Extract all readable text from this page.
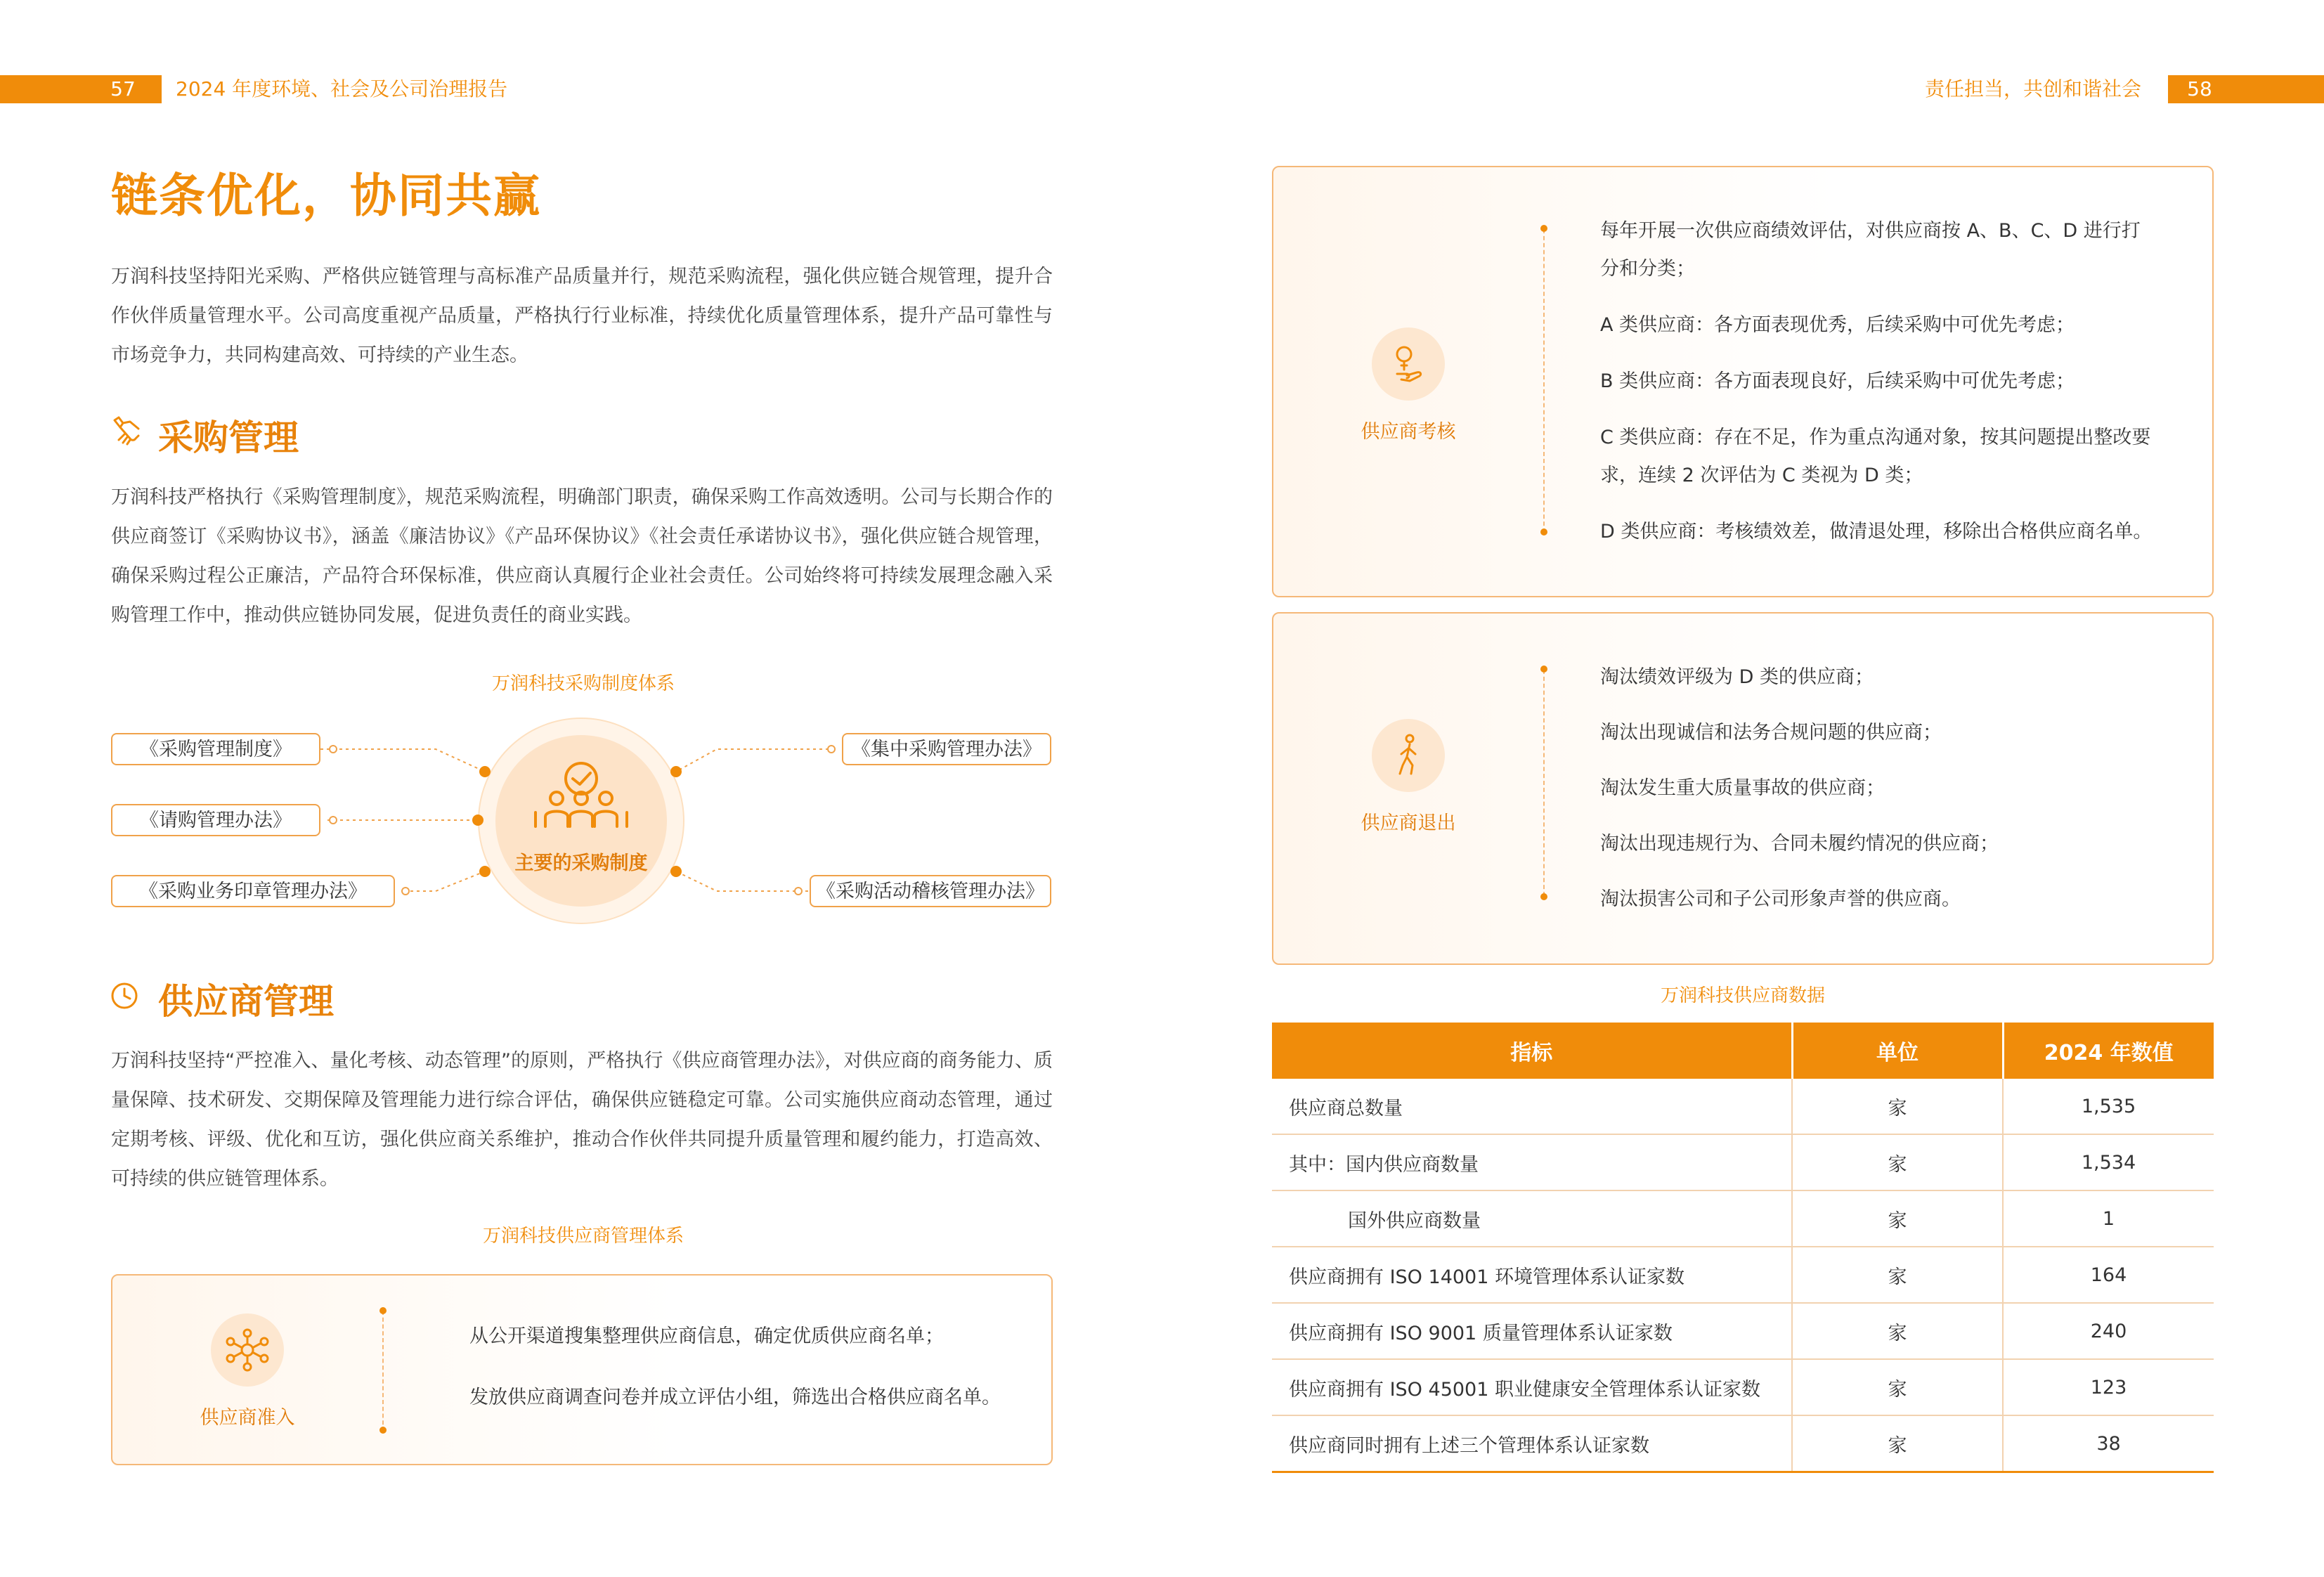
57	2024 年度环境、社会及公司治理报告	责任担当，共创和谐社会	58
链条优化，协同共赢
万润科技坚持阳光采购、严格供应链管理与高标准产品质量并行，规范采购流程，强化供应链合规管理，提升合作伙伴质量管理水平。公司高度重视产品质量，严格执行行业标准，持续优化质量管理体系，提升产品可靠性与市场竞争力，共同构建高效、可持续的产业生态。
采购管理
万润科技严格执行《采购管理制度》，规范采购流程，明确部门职责，确保采购工作高效透明。公司与长期合作的供应商签订《采购协议书》，涵盖《廉洁协议》《产品环保协议》《社会责任承诺协议书》，强化供应链合规管理，确保采购过程公正廉洁，产品符合环保标准，供应商认真履行企业社会责任。公司始终将可持续发展理念融入采购管理工作中，推动供应链协同发展，促进负责任的商业实践。
万润科技采购制度体系
主要的采购制度
《采购管理制度》
《请购管理办法》
《采购业务印章管理办法》
《集中采购管理办法》
《采购活动稽核管理办法》
供应商管理
万润科技坚持“严控准入、量化考核、动态管理”的原则，严格执行《供应商管理办法》，对供应商的商务能力、质量保障、技术研发、交期保障及管理能力进行综合评估，确保供应链稳定可靠。公司实施供应商动态管理，通过定期考核、评级、优化和互访，强化供应商关系维护，推动合作伙伴共同提升质量管理和履约能力，打造高效、可持续的供应链管理体系。
万润科技供应商管理体系
供应商准入
从公开渠道搜集整理供应商信息，确定优质供应商名单；
发放供应商调查问卷并成立评估小组，筛选出合格供应商名单。
供应商考核
每年开展一次供应商绩效评估，对供应商按 A、B、C、D 进行打
分和分类；
A 类供应商：各方面表现优秀，后续采购中可优先考虑；
B 类供应商：各方面表现良好，后续采购中可优先考虑；
C 类供应商：存在不足，作为重点沟通对象，按其问题提出整改要
求，连续 2 次评估为 C 类视为 D 类；
D 类供应商：考核绩效差，做清退处理，移除出合格供应商名单。
供应商退出
淘汰绩效评级为 D 类的供应商；
淘汰出现诚信和法务合规问题的供应商；
淘汰发生重大质量事故的供应商；
淘汰出现违规行为、合同未履约情况的供应商；
淘汰损害公司和子公司形象声誉的供应商。
万润科技供应商数据
指标	单位	2024 年数值
供应商总数量	家	1,535
其中：国内供应商数量	家	1,534
国外供应商数量	家	1
供应商拥有 ISO 14001 环境管理体系认证家数	家	164
供应商拥有 ISO 9001 质量管理体系认证家数	家	240
供应商拥有 ISO 45001 职业健康安全管理体系认证家数	家	123
供应商同时拥有上述三个管理体系认证家数	家	38
